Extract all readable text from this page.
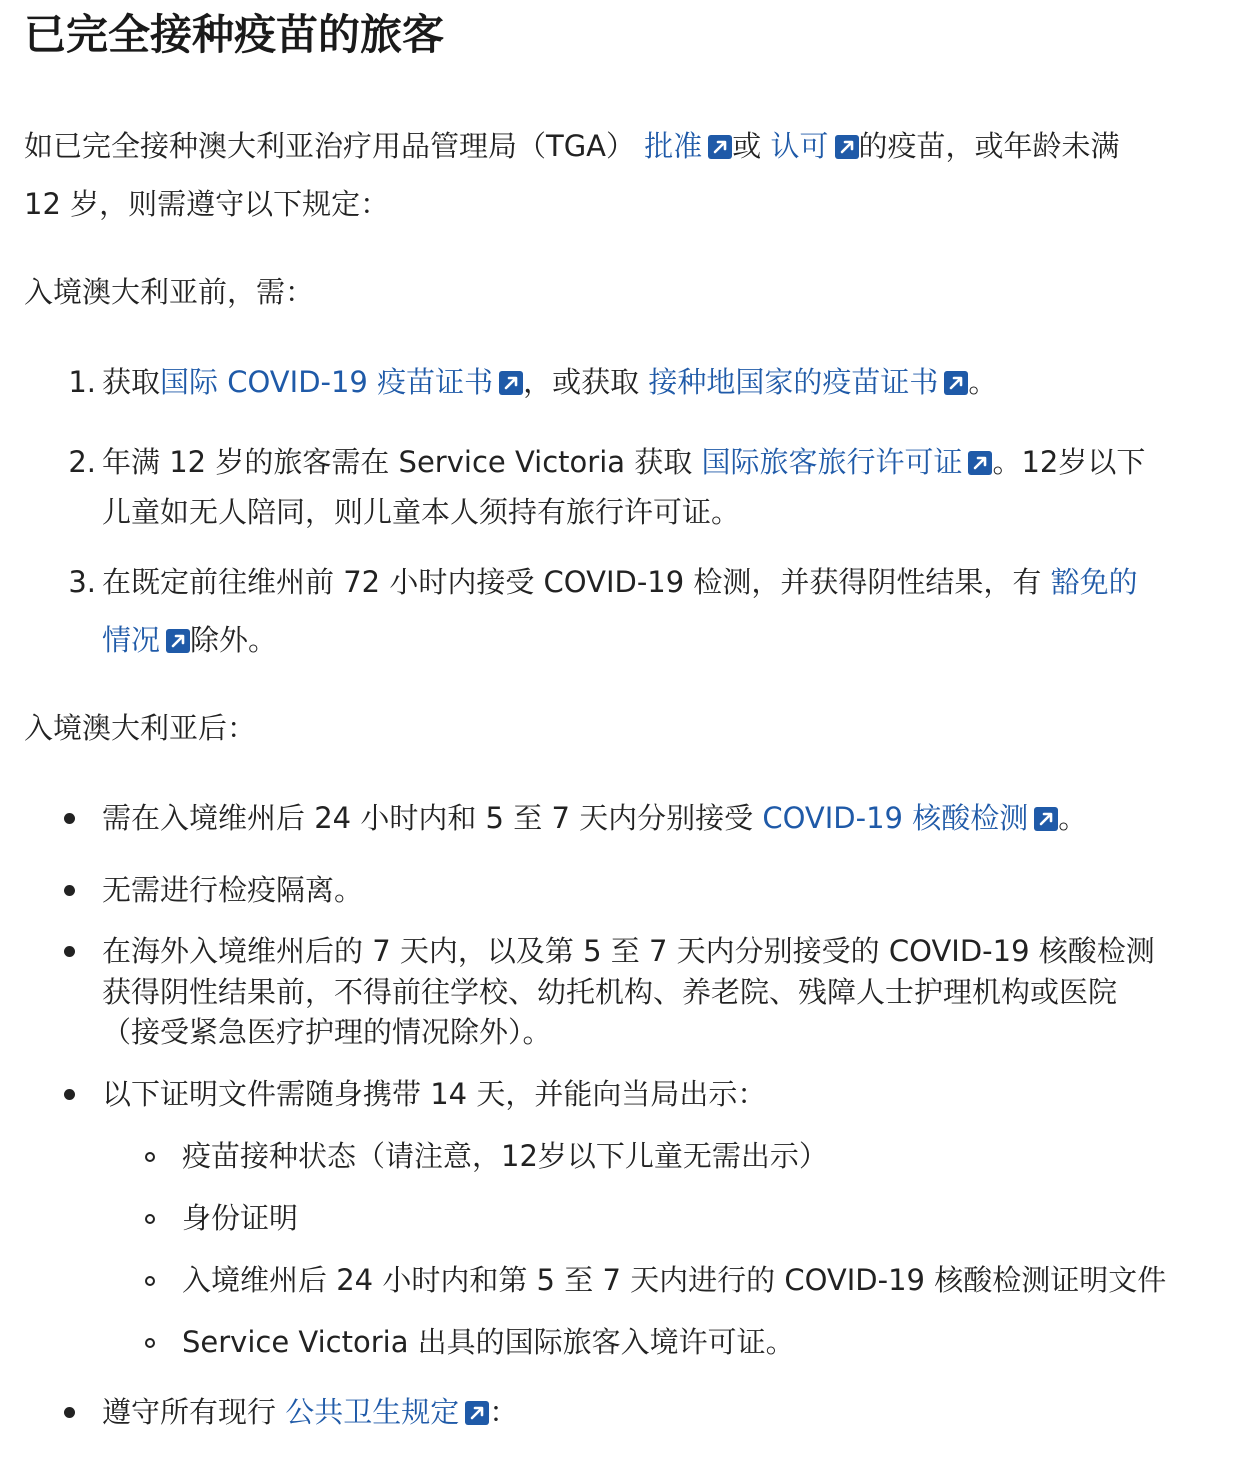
已完全接种疫苗的旅客
如已完全接种澳大利亚治疗用品管理局（TGA） 批准 或 认可 的疫苗，或年龄未满
12 岁，则需遵守以下规定：
入境澳大利亚前，需：
1. 获取国际 COVID-19 疫苗证书 ，或获取 接种地国家的疫苗证书 。
2. 年满 12 岁的旅客需在 Service Victoria 获取 国际旅客旅行许可证 。12岁以下
儿童如无人陪同，则儿童本人须持有旅行许可证。
3. 在既定前往维州前 72 小时内接受 COVID-19 检测，并获得阴性结果，有 豁免的
情况 除外。
入境澳大利亚后：
需在入境维州后 24 小时内和 5 至 7 天内分别接受 COVID-19 核酸检测 。
无需进行检疫隔离。
在海外入境维州后的 7 天内，以及第 5 至 7 天内分别接受的 COVID-19 核酸检测
获得阴性结果前，不得前往学校、幼托机构、养老院、残障人士护理机构或医院
（接受紧急医疗护理的情况除外）。
以下证明文件需随身携带 14 天，并能向当局出示：
疫苗接种状态（请注意，12岁以下儿童无需出示）
身份证明
入境维州后 24 小时内和第 5 至 7 天内进行的 COVID-19 核酸检测证明文件
Service Victoria 出具的国际旅客入境许可证。
遵守所有现行 公共卫生规定 ：
